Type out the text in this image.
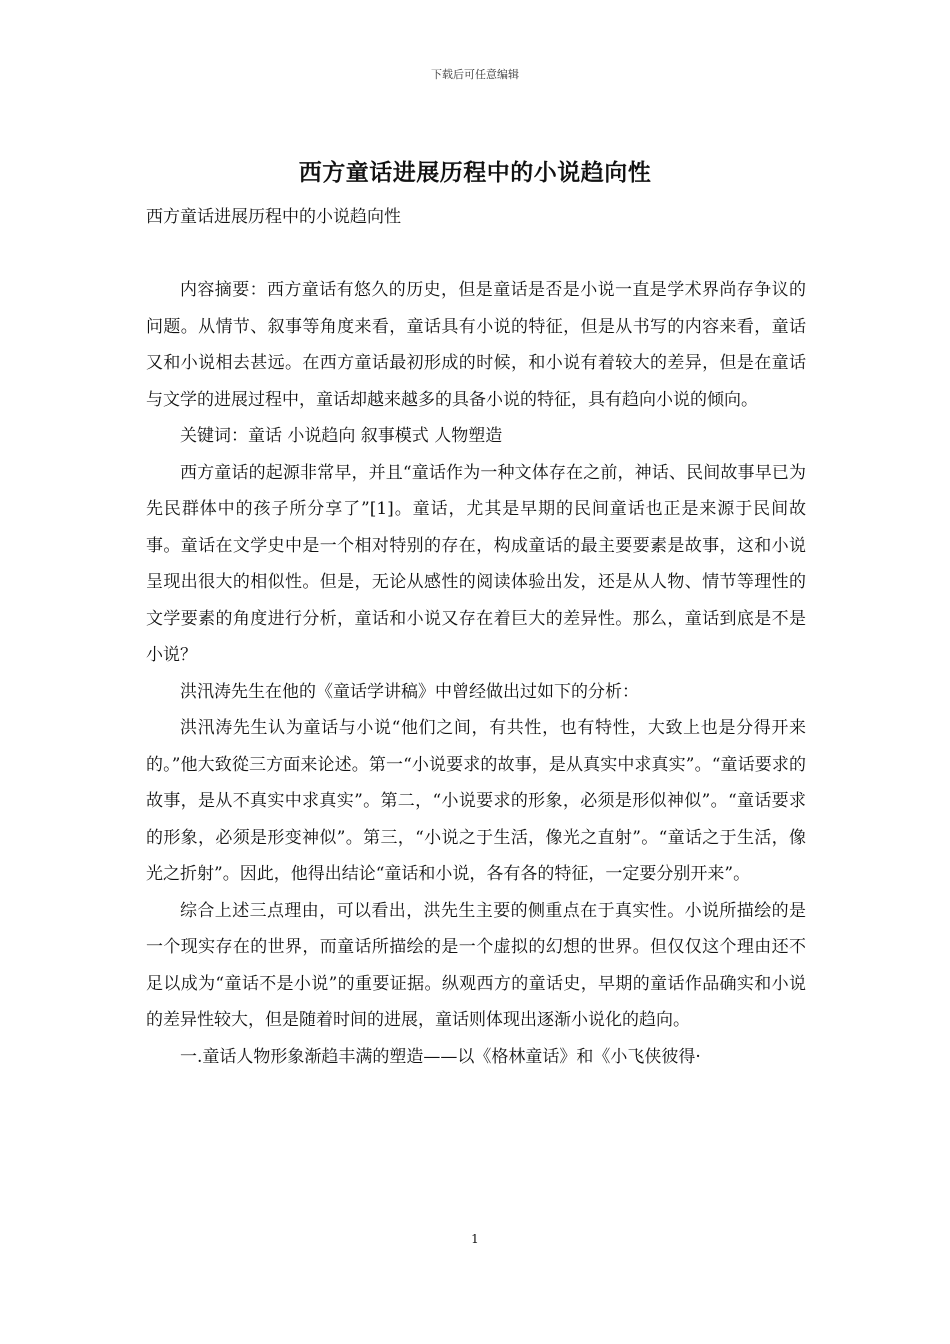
下载后可任意编辑
西方童话进展历程中的小说趋向性
西方童话进展历程中的小说趋向性

内容摘要：西方童话有悠久的历史，但是童话是否是小说一直是学术界尚存争议的问题。从情节、叙事等角度来看，童话具有小说的特征，但是从书写的内容来看，童话又和小说相去甚远。在西方童话最初形成的时候，和小说有着较大的差异，但是在童话与文学的进展过程中，童话却越来越多的具备小说的特征，具有趋向小说的倾向。

关键词：童话 小说趋向 叙事模式 人物塑造

西方童话的起源非常早，并且“童话作为一种文体存在之前，神话、民间故事早已为先民群体中的孩子所分享了”[1]。童话，尤其是早期的民间童话也正是来源于民间故事。童话在文学史中是一个相对特别的存在，构成童话的最主要要素是故事，这和小说呈现出很大的相似性。但是，无论从感性的阅读体验出发，还是从人物、情节等理性的文学要素的角度进行分析，童话和小说又存在着巨大的差异性。那么，童话到底是不是小说？

洪汛涛先生在他的《童话学讲稿》中曾经做出过如下的分析：

洪汛涛先生认为童话与小说“他们之间，有共性，也有特性，大致上也是分得开来的。”他大致從三方面来论述。第一“小说要求的故事，是从真实中求真实”。“童话要求的故事，是从不真实中求真实”。第二，“小说要求的形象，必须是形似神似”。“童话要求的形象，必须是形变神似”。第三，“小说之于生活，像光之直射”。“童话之于生活，像光之折射”。因此，他得出结论“童话和小说，各有各的特征，一定要分别开来”。

综合上述三点理由，可以看出，洪先生主要的侧重点在于真实性。小说所描绘的是一个现实存在的世界，而童话所描绘的是一个虚拟的幻想的世界。但仅仅这个理由还不足以成为“童话不是小说”的重要证据。纵观西方的童话史，早期的童话作品确实和小说的差异性较大，但是随着时间的进展，童话则体现出逐渐小说化的趋向。

一.童话人物形象渐趋丰满的塑造——以《格林童话》和《小飞侠彼得·

1
